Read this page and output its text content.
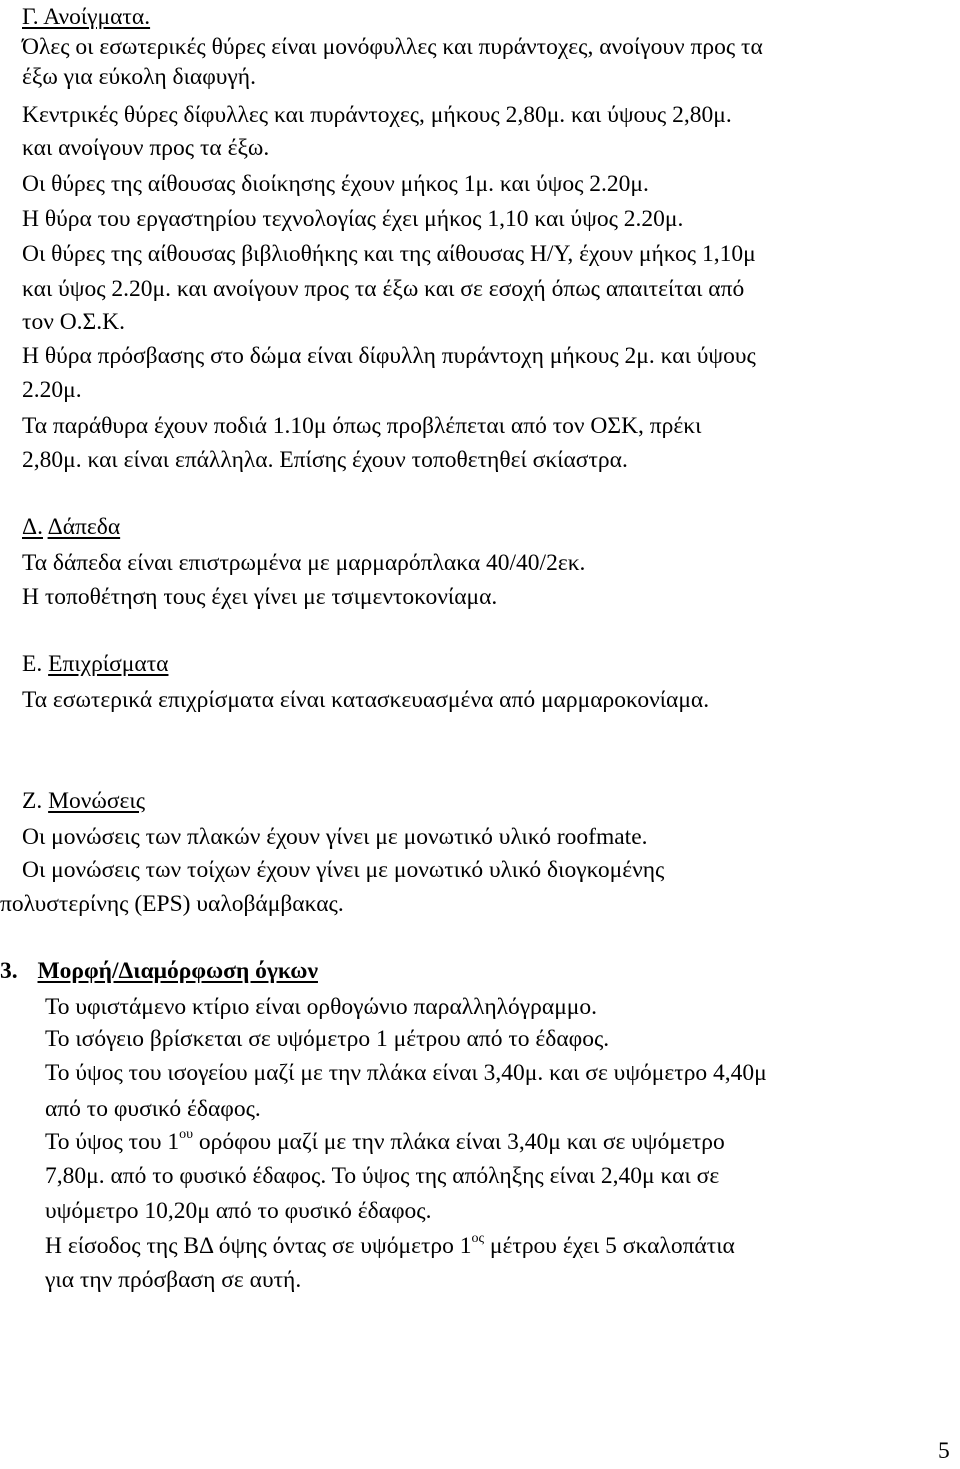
Γ. Ανοίγματα.
Όλες οι εσωτερικές θύρες είναι μονόφυλλες και πυράντοχες, ανοίγουν προς τα
έξω για εύκολη διαφυγή.
Κεντρικές θύρες δίφυλλες και πυράντοχες, μήκους 2,80μ. και ύψους 2,80μ.
και ανοίγουν προς τα έξω.
Οι θύρες της αίθουσας διοίκησης έχουν μήκος 1μ. και ύψος 2.20μ.
Η θύρα του εργαστηρίου τεχνολογίας έχει μήκος 1,10 και ύψος 2.20μ.
Οι θύρες της αίθουσας βιβλιοθήκης και της αίθουσας Η/Υ, έχουν μήκος 1,10μ
και ύψος 2.20μ. και ανοίγουν προς τα έξω και σε εσοχή όπως απαιτείται από
τον Ο.Σ.Κ.
Η θύρα πρόσβασης στο δώμα είναι δίφυλλη πυράντοχη μήκους 2μ. και ύψους
2.20μ.
Τα παράθυρα έχουν ποδιά 1.10μ όπως προβλέπεται από τον ΟΣΚ, πρέκι
2,80μ. και είναι επάλληλα. Επίσης έχουν τοποθετηθεί σκίαστρα.
Δ. Δάπεδα
Τα δάπεδα είναι επιστρωμένα με μαρμαρόπλακα 40/40/2εκ.
Η τοποθέτηση τους έχει γίνει με τσιμεντοκονίαμα.
Ε. Επιχρίσματα
Τα εσωτερικά επιχρίσματα είναι κατασκευασμένα από μαρμαροκονίαμα.
Ζ. Μονώσεις
Οι μονώσεις των πλακών έχουν γίνει με μονωτικό υλικό roofmate.
Οι μονώσεις των τοίχων έχουν γίνει με μονωτικό υλικό διογκομένης
πολυστερίνης (EPS) υαλοβάμβακας.
3. Μορφή/Διαμόρφωση όγκων
Το υφιστάμενο κτίριο είναι ορθογώνιο παραλληλόγραμμο.
Το ισόγειο βρίσκεται σε υψόμετρο 1 μέτρου από το έδαφος.
Το ύψος του ισογείου μαζί με την πλάκα είναι 3,40μ. και σε υψόμετρο 4,40μ
από το φυσικό έδαφος.
Το ύψος του $1^{o\upsilon}$ ορόφου μαζί με την πλάκα είναι 3,40μ και σε υψόμετρο
7,80μ. από το φυσικό έδαφος. Το ύψος της απόληξης είναι 2,40μ και σε
υψόμετρο 10,20μ από το φυσικό έδαφος.
Η είσοδος της ΒΔ όψης όντας σε υψόμετρο $1^{o\varsigma}$ μέτρου έχει 5 σκαλοπάτια
για την πρόσβαση σε αυτή.
5
